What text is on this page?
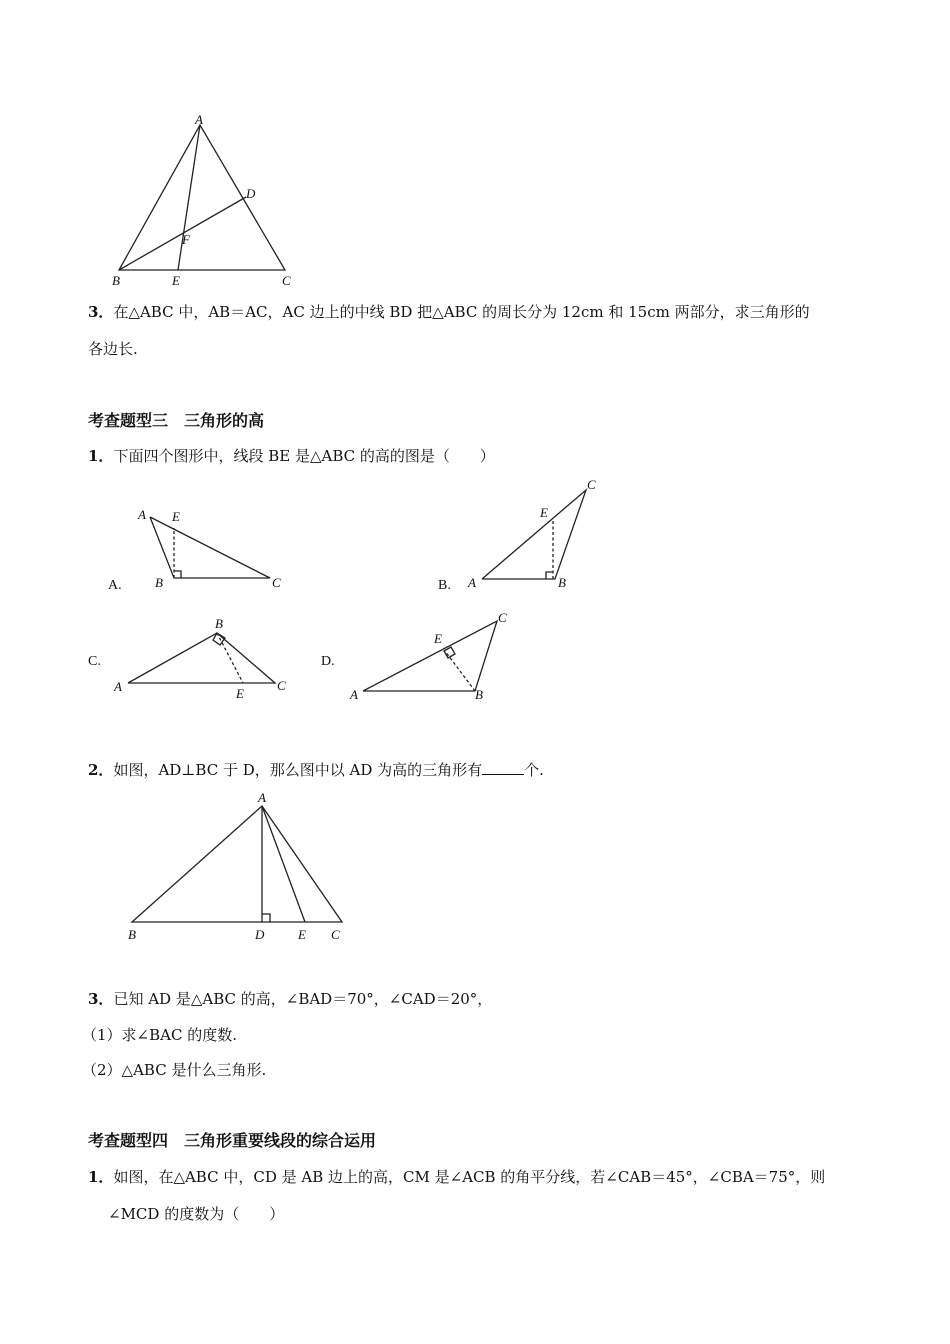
A
B	C
D
E
F
3．在△ABC 中，AB＝AC，AC 边上的中线 BD 把△ABC 的周长分为 12cm 和 15cm 两部分，求三角形的
各边长.
考查题型三　三角形的高
1．下面四个图形中，线段 BE 是△ABC 的高的图是（　　）
A.
A E
B	C	B. A	B
C
E
C.
A
B
C
E
D.
A	B
C
E
2．如图，AD⊥BC 于 D，那么图中以 AD 为高的三角形有	个.
A
B	D	E C
3．已知 AD 是△ABC 的高，∠BAD＝70°，∠CAD＝20°，
（1）求∠BAC 的度数.
（2）△ABC 是什么三角形.
考查题型四　三角形重要线段的综合运用
1．如图，在△ABC 中，CD 是 AB 边上的高，CM 是∠ACB 的角平分线，若∠CAB＝45°，∠CBA＝75°，则
∠MCD 的度数为（　　）
